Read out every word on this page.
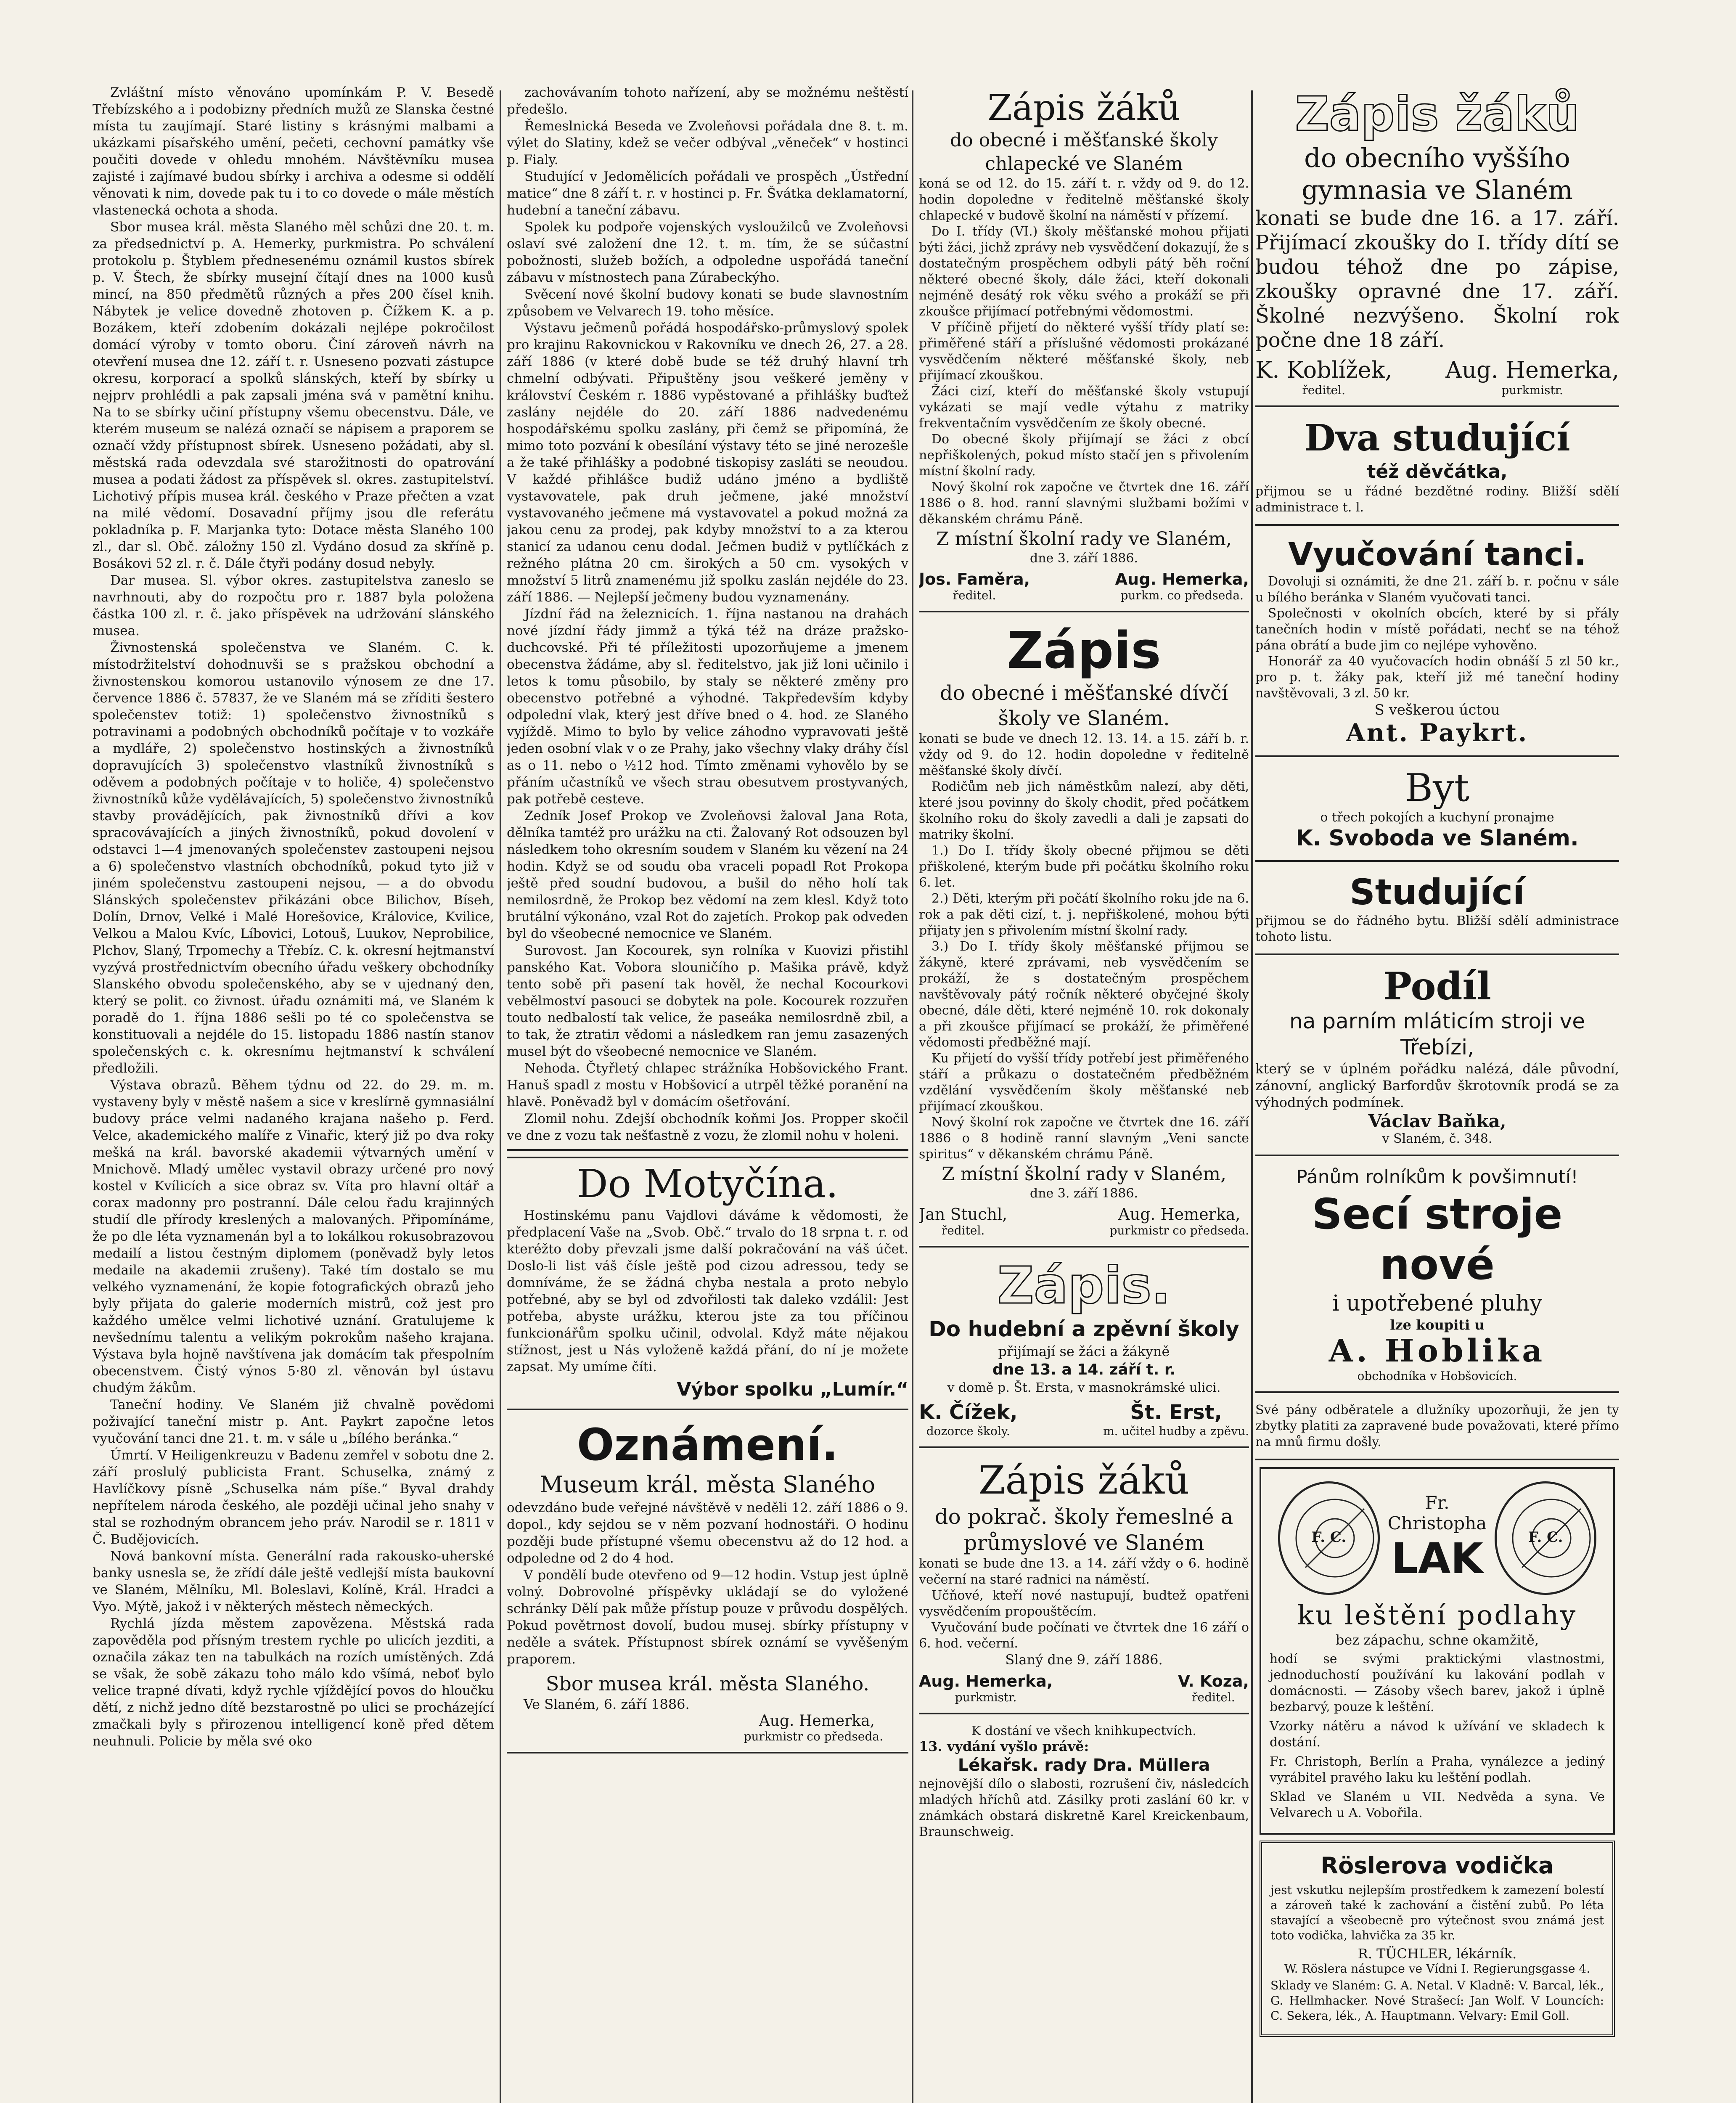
Zvláštní místo věnováno upomínkám P. V. Besedě Třebízského a i podobizny předních mužů ze Slanska čestné místa tu zaujímají. Staré listiny s krásnými malbami a ukázkami písařského umění, pečeti, cechovní památky vše poučiti dovede v ohledu mnohém. Návštěvníku musea zajisté i zajímavé budou sbírky i archiva a odesme si oddělí věnovati k nim, dovede pak tu i to co dovede o mále městích vlastenecká ochota a shoda.

Sbor musea král. města Slaného měl schůzi dne 20. t. m. za předsednictví p. A. Hemerky, purkmistra. Po schválení protokolu p. Štyblem přednesenému oznámil kustos sbírek p. V. Štech, že sbírky musejní čítají dnes na 1000 kusů mincí, na 850 předmětů různých a přes 200 čísel knih. Nábytek je velice dovedně zhotoven p. Čížkem K. a p. Bozákem, kteří zdobením dokázali nejlépe pokročilost domácí výroby v tomto oboru. Činí zároveň návrh na otevření musea dne 12. září t. r. Usneseno pozvati zástupce okresu, korporací a spolků slánských, kteří by sbírky u nejprv prohlédli a pak zapsali jména svá v pamětní knihu. Na to se sbírky učiní přístupny všemu obecenstvu. Dále, ve kterém museum se nalézá označí se nápisem a praporem se označí vždy přístupnost sbírek. Usneseno požádati, aby sl. městská rada odevzdala své starožitnosti do opatrování musea a podati žádost za příspěvek sl. okres. zastupitelství. Lichotivý přípis musea král. českého v Praze přečten a vzat na milé vědomí. Dosavadní příjmy jsou dle referátu pokladníka p. F. Marjanka tyto: Dotace města Slaného 100 zl., dar sl. Obč. záložny 150 zl. Vydáno dosud za skříně p. Bosákovi 52 zl. r. č. Dále čtyři podány dosud nebyly.

Dar musea. Sl. výbor okres. zastupitelstva zaneslo se navrhnouti, aby do rozpočtu pro r. 1887 byla položena částka 100 zl. r. č. jako příspěvek na udržování slánského musea.

Živnostenská společenstva ve Slaném. C. k. místodržitelství dohodnuvši se s pražskou obchodní a živnostenskou komorou ustanovilo výnosem ze dne 17. července 1886 č. 57837, že ve Slaném má se zříditi šestero společenstev totiž: 1) společenstvo živnostníků s potravinami a podobných obchodníků počítaje v to vozkáře a mydláře, 2) společenstvo hostinských a živnostníků dopravujících 3) společenstvo vlastníků živnostníků s oděvem a podobných počítaje v to holiče, 4) společenstvo živnostníků kůže vydělávajících, 5) společenstvo živnostníků stavby provádějících, pak živnostníků dřívi a kov spracovávajících a jiných živnostníků, pokud dovolení v odstavci 1—4 jmenovaných společenstev zastoupeni nejsou a 6) společenstvo vlastních obchodníků, pokud tyto již v jiném společenstvu zastoupeni nejsou, — a do obvodu Slánských společenstev přikázáni obce Bilichov, Bíseh, Dolín, Drnov, Velké i Malé Horešovice, Královice, Kvilice, Velkou a Malou Kvíc, Líbovici, Lotouš, Luukov, Neprobilice, Plchov, Slaný, Trpomechy a Třebíz. C. k. okresní hejtmanství vyzývá prostřednictvím obecního úřadu veškery obchodníky Slanského obvodu společenského, aby se v ujednaný den, který se polit. co živnost. úřadu oznámiti má, ve Slaném k poradě do 1. října 1886 sešli po té co společenstva se konstituovali a nejdéle do 15. listopadu 1886 nastín stanov společenských c. k. okresnímu hejtmanství k schválení předložili.

Výstava obrazů. Během týdnu od 22. do 29. m. m. vystaveny byly v městě našem a sice v kreslírně gymnasiální budovy práce velmi nadaného krajana našeho p. Ferd. Velce, akademického malíře z Vinařic, který již po dva roky mešká na král. bavorské akademii výtvarných umění v Mnichově. Mladý umělec vystavil obrazy určené pro nový kostel v Kvílicích a sice obraz sv. Víta pro hlavní oltář a corax madonny pro postranní. Dále celou řadu krajinných studií dle přírody kreslených a malovaných. Připomínáme, že po dle léta vyznamenán byl a to lokálkou rokusobrazovou medailí a listou čestným diplomem (poněvadž byly letos medaile na akademii zrušeny). Také tím dostalo se mu velkého vyznamenání, že kopie fotografických obrazů jeho byly přijata do galerie moderních mistrů, což jest pro každého umělce velmi lichotivé uznání. Gratulujeme k nevšednímu talentu a velikým pokrokům našeho krajana. Výstava byla hojně navštívena jak domácím tak přespolním obecenstvem. Čistý výnos 5·80 zl. věnován byl ústavu chudým žákům.

Taneční hodiny. Ve Slaném již chvalně povědomi poživající taneční mistr p. Ant. Paykrt započne letos vyučování tanci dne 21. t. m. v sále u „bílého beránka.“

Úmrtí. V Heiligenkreuzu v Badenu zemřel v sobotu dne 2. září proslulý publicista Frant. Schuselka, známý z Havlíčkovy písně „Schuselka nám píše.“ Byval drahdy nepřítelem národa českého, ale později učinal jeho snahy v stal se rozhodným obrancem jeho práv. Narodil se r. 1811 v Č. Budějovicích.

Nová bankovní místa. Generální rada rakousko-uherské banky usnesla se, že zřídí dále ještě vedlejší místa baukovní ve Slaném, Mělníku, Ml. Boleslavi, Kolíně, Král. Hradci a Vyo. Mýtě, jakož i v některých městech německých.

Rychlá jízda městem zapovězena. Městská rada zapověděla pod přísným trestem rychle po ulicích jezditi, a označila zákaz ten na tabulkách na rozích umístěných. Zdá se však, že sobě zákazu toho málo kdo všímá, neboť bylo velice trapné dívati, když rychle vjíždějící povos do hloučku dětí, z nichž jedno dítě bezstarostně po ulici se procházející zmačkali byly s přirozenou intelligencí koně před dětem neuhnuli. Policie by měla své oko

zachovávaním tohoto nařízení, aby se možnému neštěstí předešlo.

Řemeslnická Beseda ve Zvoleňovsi pořádala dne 8. t. m. výlet do Slatiny, kdež se večer odbýval „věneček“ v hostinci p. Fialy.

Studující v Jedomělicích pořádali ve prospěch „Ústřední matice“ dne 8 září t. r. v hostinci p. Fr. Švátka deklamatorní, hudební a taneční zábavu.

Spolek ku podpoře vojenských vysloužilců ve Zvoleňovsi oslaví své založení dne 12. t. m. tím, že se súčastní pobožnosti, služeb božích, a odpoledne uspořádá taneční zábavu v místnostech pana Zúrabeckýho.

Svěcení nové školní budovy konati se bude slavnostním způsobem ve Velvarech 19. toho měsíce.

Výstavu ječmenů pořádá hospodářsko-průmyslový spolek pro krajinu Rakovnickou v Rakovníku ve dnech 26, 27. a 28. září 1886 (v které době bude se též druhý hlavní trh chmelní odbývati. Připuštěny jsou veškeré jeměny v království Českém r. 1886 vypěstované a přihlášky buďtež zaslány nejdéle do 20. září 1886 nadvedenému hospodářskému spolku zaslány, při čemž se připomíná, že mimo toto pozvání k obesílání výstavy této se jiné nerozešle a že také přihlášky a podobné tiskopisy zasláti se neoudou. V každé přihlášce budiž udáno jméno a bydliště vystavovatele, pak druh ječmene, jaké množství vystavovaného ječmene má vystavovatel a pokud možná za jakou cenu za prodej, pak kdyby množství to a za kterou stanicí za udanou cenu dodal. Ječmen budiž v pytlíčkách z režného plátna 20 cm. širokých a 50 cm. vysokých v množství 5 litrů znamenému již spolku zaslán nejdéle do 23. září 1886. — Nejlepší ječmeny budou vyznamenány.

Jízdní řád na železnicích. 1. října nastanou na drahách nové jízdní řády jimmž a týká též na dráze pražsko-duchcovské. Při té příležitosti upozorňujeme a jmenem obecenstva žádáme, aby sl. ředitelstvo, jak již loni učinilo i letos k tomu působilo, by staly se některé změny pro obecenstvo potřebné a výhodné. Takpředevším kdyby odpolední vlak, který jest dříve bned o 4. hod. ze Slaného vyjíždě. Mimo to bylo by velice záhodno vypravovati ještě jeden osobní vlak v o ze Prahy, jako všechny vlaky dráhy čísl as o 11. nebo o ½12 hod. Tímto změnami vyhovělo by se přáním učastníků ve všech strau obesutvem prostyvaných, pak potřebě cesteve.

Zedník Josef Prokop ve Zvoleňovsi žaloval Jana Rota, dělníka tamtéž pro urážku na cti. Žalovaný Rot odsouzen byl následkem toho okresním soudem v Slaném ku vězení na 24 hodin. Když se od soudu oba vraceli popadl Rot Prokopa ještě před soudní budovou, a bušil do něho holí tak nemilosrdně, že Prokop bez vědomí na zem klesl. Když toto brutální výkonáno, vzal Rot do zajetích. Prokop pak odveden byl do všeobecné nemocnice ve Slaném.

Surovost. Jan Kocourek, syn rolníka v Kuovizi přistihl panského Kat. Vobora slouničího p. Mašika právě, když tento sobě při pasení tak hověl, že nechal Kocourkovi vebělmoství pasouci se dobytek na pole. Kocourek rozzuřen touto nedbalostí tak velice, že paseáka nemilosrdně zbil, a to tak, že ztratiл vědomi a následkem ran jemu zasazených musel být do všeobecné nemocnice ve Slaném.

Nehoda. Čtyřletý chlapec strážníka Hobšovického Frant. Hanuš spadl z mostu v Hobšovicí a utrpěl těžké poranění na hlavě. Poněvadž byl v domácím ošetřování.

Zlomil nohu. Zdejší obchodník koňmi Jos. Propper skočil ve dne z vozu tak nešťastně z vozu, že zlomil nohu v holeni.

Do Motyčína.

Hostinskému panu Vajdlovi dáváme k vědomosti, že předplacení Vaše na „Svob. Obč.“ trvalo do 18 srpna t. r. od kteréžto doby převzali jsme další pokračování na váš účet. Doslo-li list váš čísle ještě pod cizou adressou, tedy se domníváme, že se žádná chyba nestala a proto nebylo potřebné, aby se byl od zdvořilosti tak daleko vzdálil: Jest potřeba, abyste urážku, kterou jste za tou příčinou funkcionářům spolku učinil, odvolal. Když máte nějakou stížnost, jest u Nás vyloženě každá přání, do ní je možete zapsat. My umíme číti.

Výbor spolku „Lumír.“
Oznámení.
Museum král. města Slaného

odevzdáno bude veřejné návštěvě v neděli 12. září 1886 o 9. dopol., kdy sejdou se v něm pozvaní hodnostáři. O hodinu později bude přístupné všemu obecenstvu až do 12 hod. a odpoledne od 2 do 4 hod.

V pondělí bude otevřeno od 9—12 hodin. Vstup jest úplně volný. Dobrovolné příspěvky ukládají se do vyložené schránky Dělí pak může přístup pouze v průvodu dospělých. Pokud povětrnost dovolí, budou musej. sbírky přístupny v neděle a svátek. Přístupnost sbírek oznámí se vyvěšeným praporem.

Sbor musea král. města Slaného.
Ve Slaném, 6. září 1886.
Aug. Hemerka,
purkmistr co předseda.
Zápis žáků
do obecné i měšťanské školy chlapecké ve Slaném

koná se od 12. do 15. září t. r. vždy od 9. do 12. hodin dopoledne v ředitelně měšťanské školy chlapecké v budově školní na náměstí v přízemí.

Do I. třídy (VI.) školy měšťanské mohou přijati býti žáci, jichž zprávy neb vysvědčení dokazují, že s dostatečným prospěchem odbyli pátý běh roční některé obecné školy, dále žáci, kteří dokonali nejméně desátý rok věku svého a prokáží se při zkoušce přijímací potřebnými vědomostmi.

V příčině přijetí do některé vyšší třídy platí se: přiměřené stáří a příslušné vědomosti prokázané vysvědčením některé měšťanské školy, neb přijímací zkouškou.

Žáci cizí, kteří do měšťanské školy vstupují vykázati se mají vedle výtahu z matriky frekventačním vysvědčením ze školy obecné.

Do obecné školy přijímají se žáci z obcí nepřiškolených, pokud místo stačí jen s přivolením místní školní rady.

Nový školní rok započne ve čtvrtek dne 16. září 1886 o 8. hod. ranní slavnými službami božími v děkanském chrámu Páně.

Z místní školní rady ve Slaném,
dne 3. září 1886.
Jos. Faměra,
ředitel.
Aug. Hemerka,
purkm. co předseda.
Zápis
do obecné i měšťanské dívčí školy ve Slaném.

konati se bude ve dnech 12. 13. 14. a 15. září b. r. vždy od 9. do 12. hodin dopoledne v ředitelně měšťanské školy dívčí.

Rodičům neb jich náměstkům nalezí, aby děti, které jsou povinny do školy chodit, před počátkem školního roku do školy zavedli a dali je zapsati do matriky školní.

1.) Do I. třídy školy obecné přijmou se děti přiškolené, kterým bude při počátku školního roku 6. let.

2.) Děti, kterým při počátí školního roku jde na 6. rok a pak děti cizí, t. j. nepřiškolené, mohou býti přijaty jen s přivolením místní školní rady.

3.) Do I. třídy školy měšťanské přijmou se žákyně, které zprávami, neb vysvědčením se prokáží, že s dostatečným prospěchem navštěvovaly pátý ročník některé obyčejné školy obecné, dále děti, které nejméně 10. rok dokonaly a při zkoušce přijímací se prokáží, že přiměřené vědomosti předběžné mají.

Ku přijetí do vyšší třídy potřebí jest přiměřeného stáří a průkazu o dostatečném předběžném vzdělání vysvědčením školy měšťanské neb přijímací zkouškou.

Nový školní rok započne ve čtvrtek dne 16. září 1886 o 8 hodině ranní slavným „Veni sancte spiritus“ v děkanském chrámu Páně.

Z místní školní rady v Slaném,
dne 3. září 1886.
Jan Stuchl,
ředitel.
Aug. Hemerka,
purkmistr co předseda.
Zápis.
Do hudební a zpěvní školy
přijímají se žáci a žákyně
dne 13. a 14. září t. r.
v domě p. Št. Ersta, v masnokrámské ulici.
K. Čížek,
dozorce školy.
Št. Erst,
m. učitel hudby a zpěvu.
Zápis žáků
do pokrač. školy řemeslné a průmyslové ve Slaném

konati se bude dne 13. a 14. září vždy o 6. hodině večerní na staré radnici na náměstí.

Učňové, kteří nové nastupují, budtež opatřeni vysvědčením propouštěcím.

Vyučování bude počínati ve čtvrtek dne 16 září o 6. hod. večerní.

Slaný dne 9. září 1886.
Aug. Hemerka,
purkmistr.
V. Koza,
ředitel.
K dostání ve všech knihkupectvích.
13. vydání vyšlo právě:
Lékařsk. rady Dra. Müllera

nejnovější dílo o slabosti, rozrušení čiv, následcích mladých hříchů atd. Zásilky proti zaslání 60 kr. v známkách obstará diskretně Karel Kreickenbaum, Braunschweig.

Zápis žáků
do obecního vyššího gymnasia ve Slaném

konati se bude dne 16. a 17. září. Přijímací zkoušky do I. třídy dítí se budou téhož dne po zápise, zkoušky opravné dne 17. září. Školné nezvýšeno. Školní rok počne dne 18 září.

K. Koblížek,
ředitel.
Aug. Hemerka,
purkmistr.
Dva studující
též děvčátka,

přijmou se u řádné bezdětné rodiny. Bližší sdělí administrace t. l.

Vyučování tanci.

Dovoluji si oznámiti, že dne 21. září b. r. počnu v sále u bílého beránka v Slaném vyučovati tanci.

Společnosti v okolních obcích, které by si přály tanečních hodin v místě pořádati, nechť se na téhož pána obrátí a bude jim co nejlépe vyhověno.

Honorář za 40 vyučovacích hodin obnáší 5 zl 50 kr., pro p. t. žáky pak, kteří již mé taneční hodiny navštěvovali, 3 zl. 50 kr.

S veškerou úctou
Ant. Paykrt.
Byt
o třech pokojích a kuchyní pronajme
K. Svoboda ve Slaném.
Studující

přijmou se do řádného bytu. Bližší sdělí administrace tohoto listu.

Podíl
na parním mláticím stroji ve Třebízi,

který se v úplném pořádku nalézá, dále původní, zánovní, anglický Barfordův škrotovník prodá se za výhodných podmínek.

Václav Baňka,
v Slaném, č. 348.
Pánům rolníkům k povšimnutí!
Secí stroje nové
i upotřebené pluhy
lze koupiti u
A. Hoblika
obchodníka v Hobšovicích.

Své pány odběratele a dlužníky upozorňuji, že jen ty zbytky platiti za zapravené bude považovati, které přímo na mnů firmu došly.

F. C.
Fr. Christopha
LAK	F. C.
ku leštění podlahy
bez zápachu, schne okamžitě,

hodí se svými praktickými vlastnostmi, jednoduchostí používání ku lakování podlah v domácnosti. — Zásoby všech barev, jakož i úplně bezbarvý, pouze k leštění.

Vzorky nátěru a návod k užívání ve skladech k dostání.

Fr. Christoph, Berlín a Praha, vynálezce a jediný vyrábitel pravého laku ku leštění podlah.

Sklad ve Slaném u VII. Nedvěda a syna. Ve Velvarech u A. Vobořila.

Röslerova vodička

jest vskutku nejlepším prostředkem k zamezení bolestí a zároveň také k zachování a čistění zubů. Po léta stavající a všeobecně pro výtečnost svou známá jest toto vodička, lahvička za 35 kr.

R. TÜCHLER, lékárník.
W. Röslera nástupce ve Vídni I. Regierungsgasse 4.

Sklady ve Slaném: G. A. Netal. V Kladně: V. Barcal, lék., G. Hellmhacker. Nové Strašecí: Jan Wolf. V Louncích: C. Sekera, lék., A. Hauptmann. Velvary: Emil Goll.
